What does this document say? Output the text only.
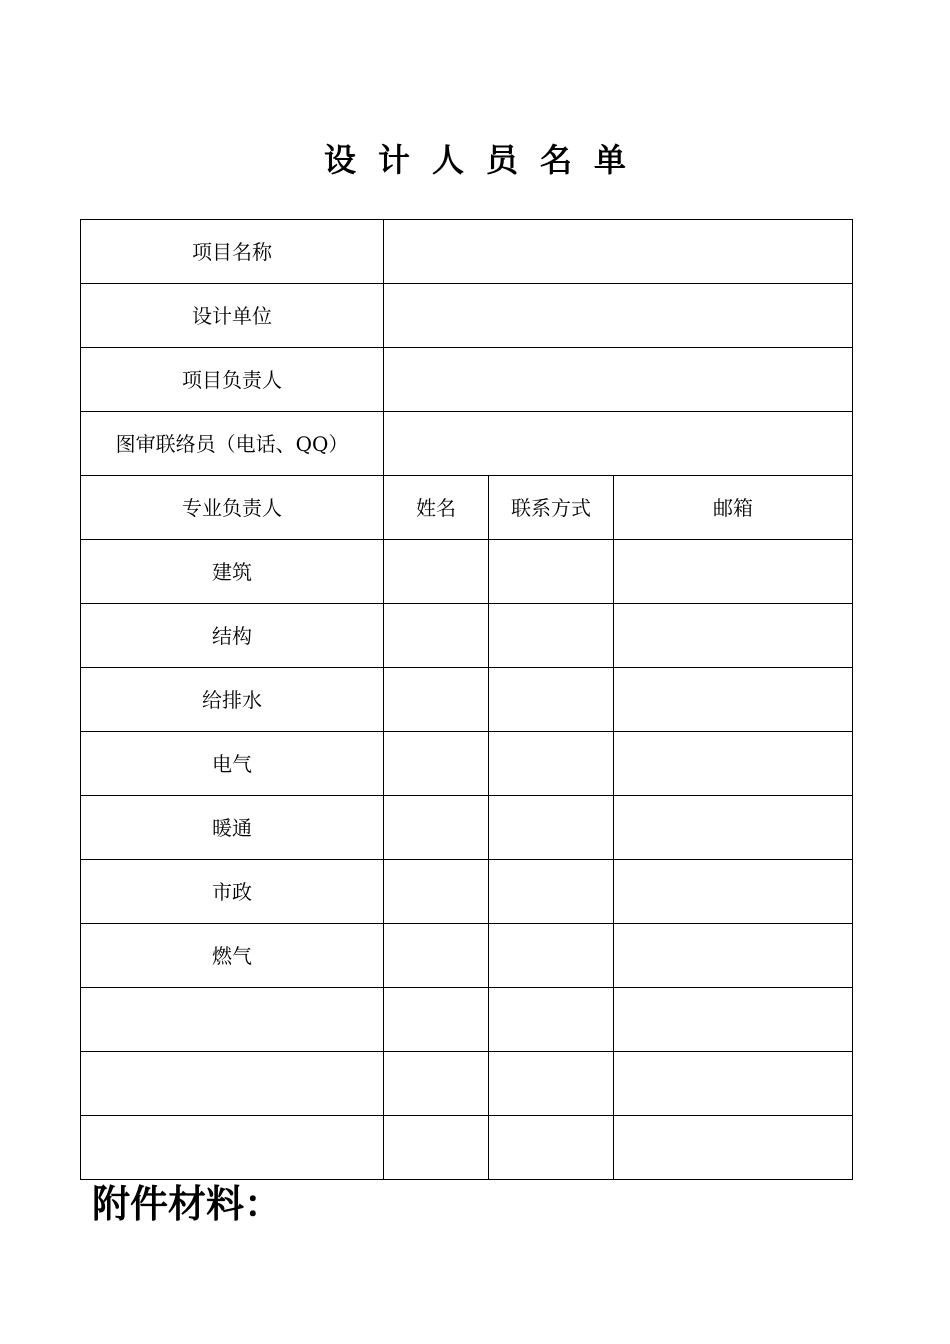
设计人员名单
项目名称			
设计单位			
项目负责人			
图审联络员（电话、QQ）			
专业负责人	姓名	联系方式	邮箱
建筑			
结构			
给排水			
电气			
暖通			
市政			
燃气			

附件材料：
